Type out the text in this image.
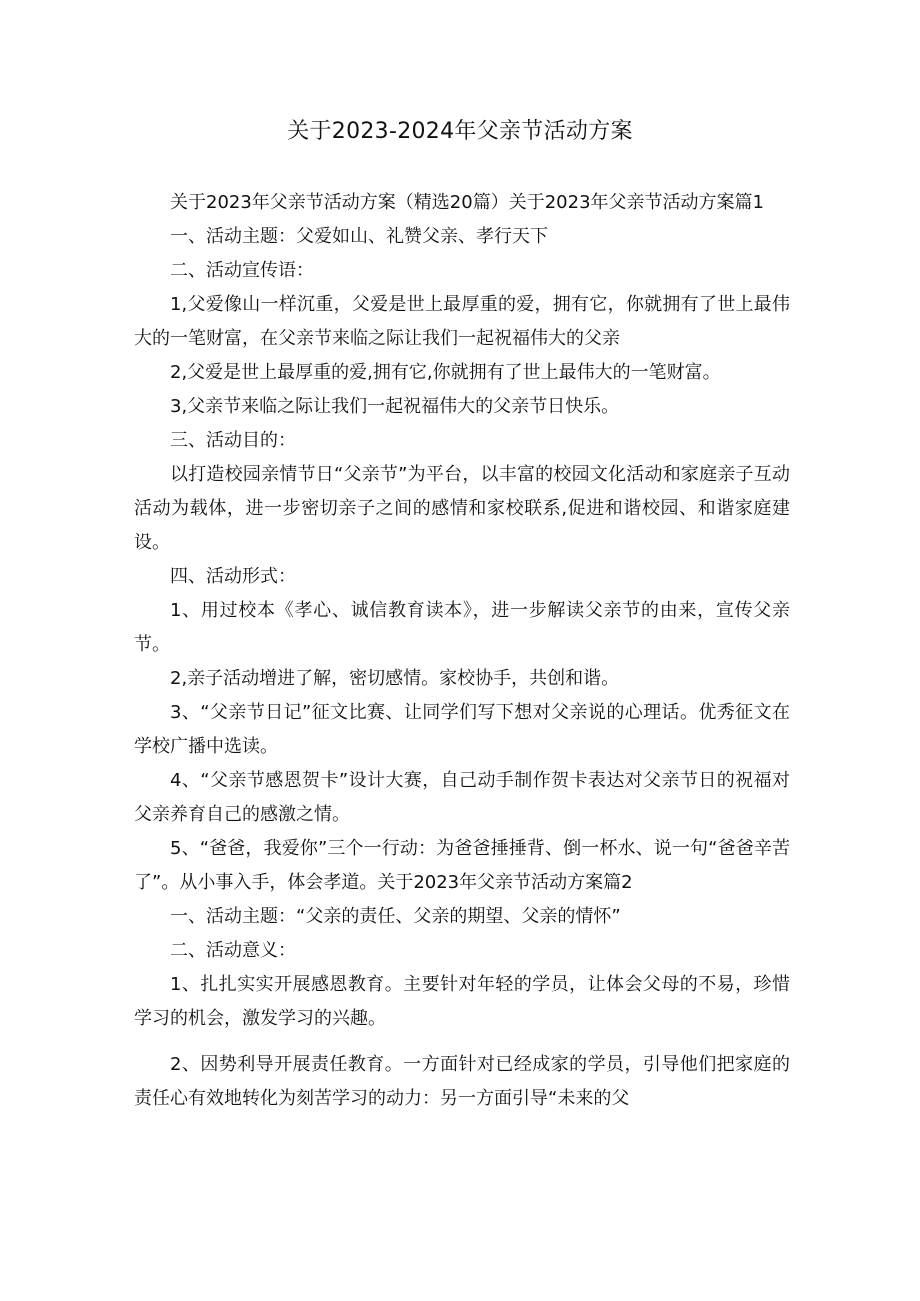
关于2023-2024年父亲节活动方案

关于2023年父亲节活动方案（精选20篇）关于2023年父亲节活动方案篇1

一、活动主题：父爱如山、礼赞父亲、孝行天下

二、活动宣传语：

1,父爱像山一样沉重，父爱是世上最厚重的爱，拥有它，你就拥有了世上最伟大的一笔财富，在父亲节来临之际让我们一起祝福伟大的父亲

2,父爱是世上最厚重的爱,拥有它,你就拥有了世上最伟大的一笔财富。

3,父亲节来临之际让我们一起祝福伟大的父亲节日快乐。

三、活动目的：

以打造校园亲情节日“父亲节”为平台，以丰富的校园文化活动和家庭亲子互动活动为载体，进一步密切亲子之间的感情和家校联系,促进和谐校园、和谐家庭建设。

四、活动形式：

1、用过校本《孝心、诚信教育读本》，进一步解读父亲节的由来，宣传父亲节。

2,亲子活动增进了解，密切感情。家校协手，共创和谐。

3、“父亲节日记”征文比赛、让同学们写下想对父亲说的心理话。优秀征文在学校广播中选读。

4、“父亲节感恩贺卡”设计大赛，自己动手制作贺卡表达对父亲节日的祝福对父亲养育自己的感激之情。

5、“爸爸，我爱你”三个一行动：为爸爸捶捶背、倒一杯水、说一句“爸爸辛苦了”。从小事入手，体会孝道。关于2023年父亲节活动方案篇2

一、活动主题：“父亲的责任、父亲的期望、父亲的情怀”

二、活动意义：

1、扎扎实实开展感恩教育。主要针对年轻的学员，让体会父母的不易，珍惜学习的机会，激发学习的兴趣。

2、因势利导开展责任教育。一方面针对已经成家的学员，引导他们把家庭的责任心有效地转化为刻苦学习的动力：另一方面引导“未来的父
